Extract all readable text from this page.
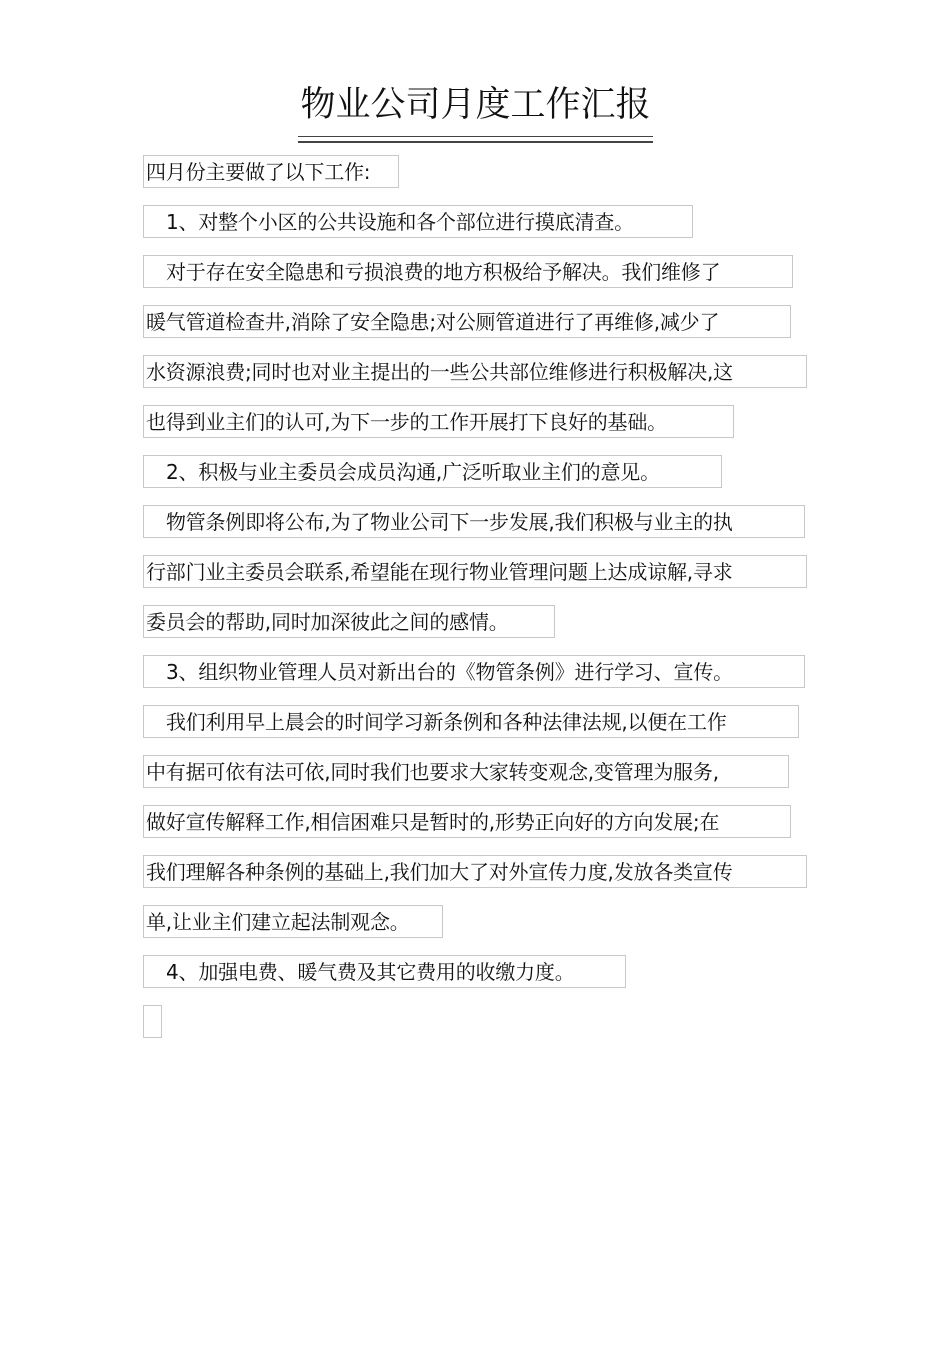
物业公司月度工作汇报
四月份主要做了以下工作:
1、对整个小区的公共设施和各个部位进行摸底清查。
对于存在安全隐患和亏损浪费的地方积极给予解决。我们维修了
暖气管道检查井,消除了安全隐患;对公厕管道进行了再维修,减少了
水资源浪费;同时也对业主提出的一些公共部位维修进行积极解决,这
也得到业主们的认可,为下一步的工作开展打下良好的基础。
2、积极与业主委员会成员沟通,广泛听取业主们的意见。
物管条例即将公布,为了物业公司下一步发展,我们积极与业主的执
行部门业主委员会联系,希望能在现行物业管理问题上达成谅解,寻求
委员会的帮助,同时加深彼此之间的感情。
3、组织物业管理人员对新出台的《物管条例》进行学习、宣传。
我们利用早上晨会的时间学习新条例和各种法律法规,以便在工作
中有据可依有法可依,同时我们也要求大家转变观念,变管理为服务,
做好宣传解释工作,相信困难只是暂时的,形势正向好的方向发展;在
我们理解各种条例的基础上,我们加大了对外宣传力度,发放各类宣传
单,让业主们建立起法制观念。
4、加强电费、暖气费及其它费用的收缴力度。
